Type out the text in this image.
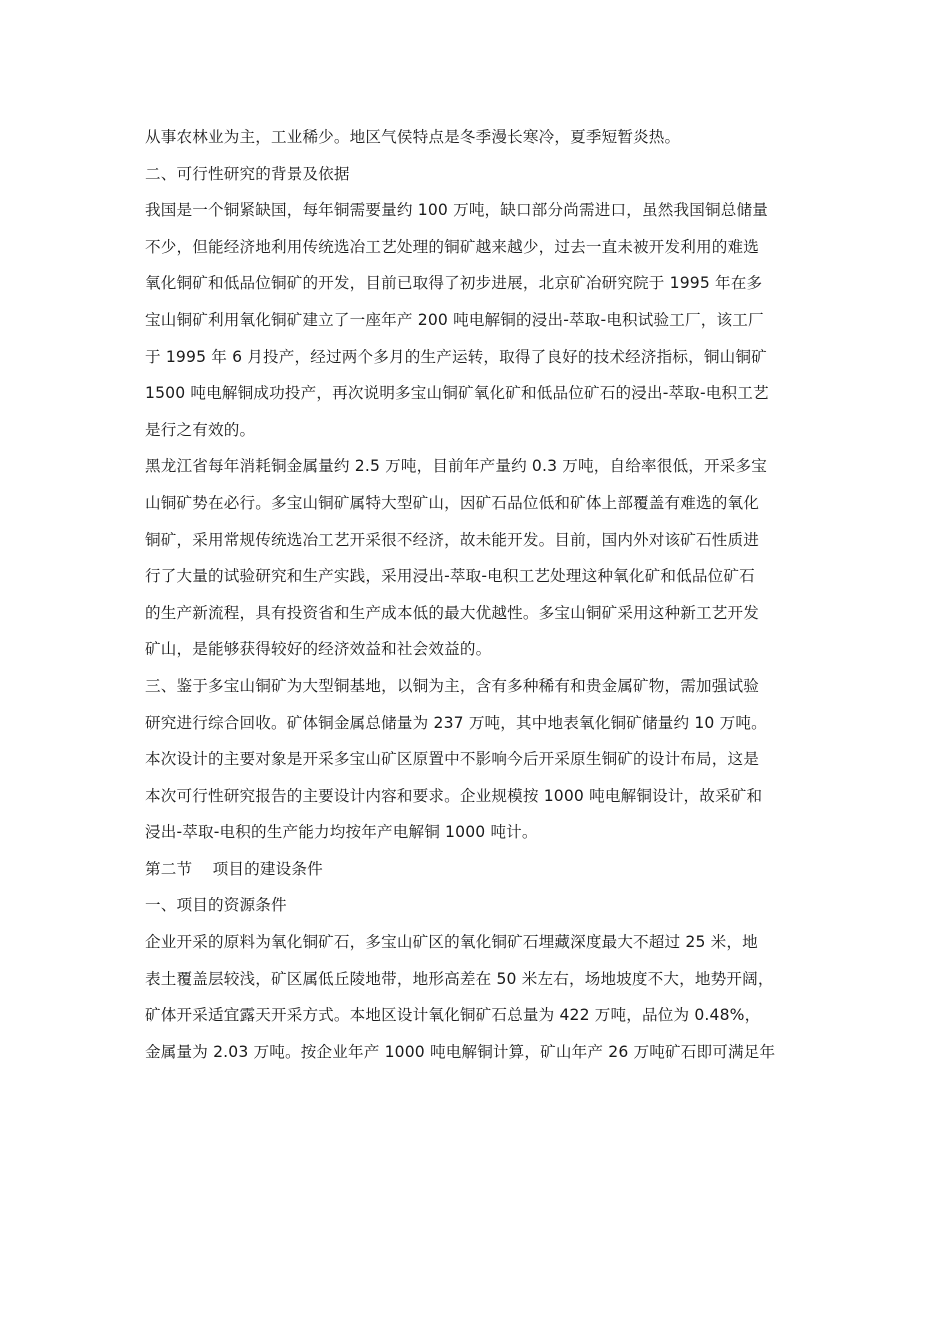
从事农林业为主，工业稀少。地区气侯特点是冬季漫长寒冷，夏季短暂炎热。
二、可行性研究的背景及依据
我国是一个铜紧缺国，每年铜需要量约 100 万吨，缺口部分尚需进口，虽然我国铜总储量
不少，但能经济地利用传统选冶工艺处理的铜矿越来越少，过去一直未被开发利用的难选
氧化铜矿和低品位铜矿的开发，目前已取得了初步进展，北京矿冶研究院于 1995 年在多
宝山铜矿利用氧化铜矿建立了一座年产 200 吨电解铜的浸出-萃取-电积试验工厂，该工厂
于 1995 年 6 月投产，经过两个多月的生产运转，取得了良好的技术经济指标，铜山铜矿
1500 吨电解铜成功投产，再次说明多宝山铜矿氧化矿和低品位矿石的浸出-萃取-电积工艺
是行之有效的。
黑龙江省每年消耗铜金属量约 2.5 万吨，目前年产量约 0.3 万吨，自给率很低，开采多宝
山铜矿势在必行。多宝山铜矿属特大型矿山，因矿石品位低和矿体上部覆盖有难选的氧化
铜矿，采用常规传统选冶工艺开采很不经济，故未能开发。目前，国内外对该矿石性质进
行了大量的试验研究和生产实践，采用浸出-萃取-电积工艺处理这种氧化矿和低品位矿石
的生产新流程，具有投资省和生产成本低的最大优越性。多宝山铜矿采用这种新工艺开发
矿山，是能够获得较好的经济效益和社会效益的。
三、鉴于多宝山铜矿为大型铜基地，以铜为主，含有多种稀有和贵金属矿物，需加强试验
研究进行综合回收。矿体铜金属总储量为 237 万吨，其中地表氧化铜矿储量约 10 万吨。
本次设计的主要对象是开采多宝山矿区原置中不影响今后开采原生铜矿的设计布局，这是
本次可行性研究报告的主要设计内容和要求。企业规模按 1000 吨电解铜设计，故采矿和
浸出-萃取-电积的生产能力均按年产电解铜 1000 吨计。
第二节    项目的建设条件
一、项目的资源条件
企业开采的原料为氧化铜矿石，多宝山矿区的氧化铜矿石埋藏深度最大不超过 25 米，地
表土覆盖层较浅，矿区属低丘陵地带，地形高差在 50 米左右，场地坡度不大，地势开阔，
矿体开采适宜露天开采方式。本地区设计氧化铜矿石总量为 422 万吨，品位为 0.48%，
金属量为 2.03 万吨。按企业年产 1000 吨电解铜计算，矿山年产 26 万吨矿石即可满足年
